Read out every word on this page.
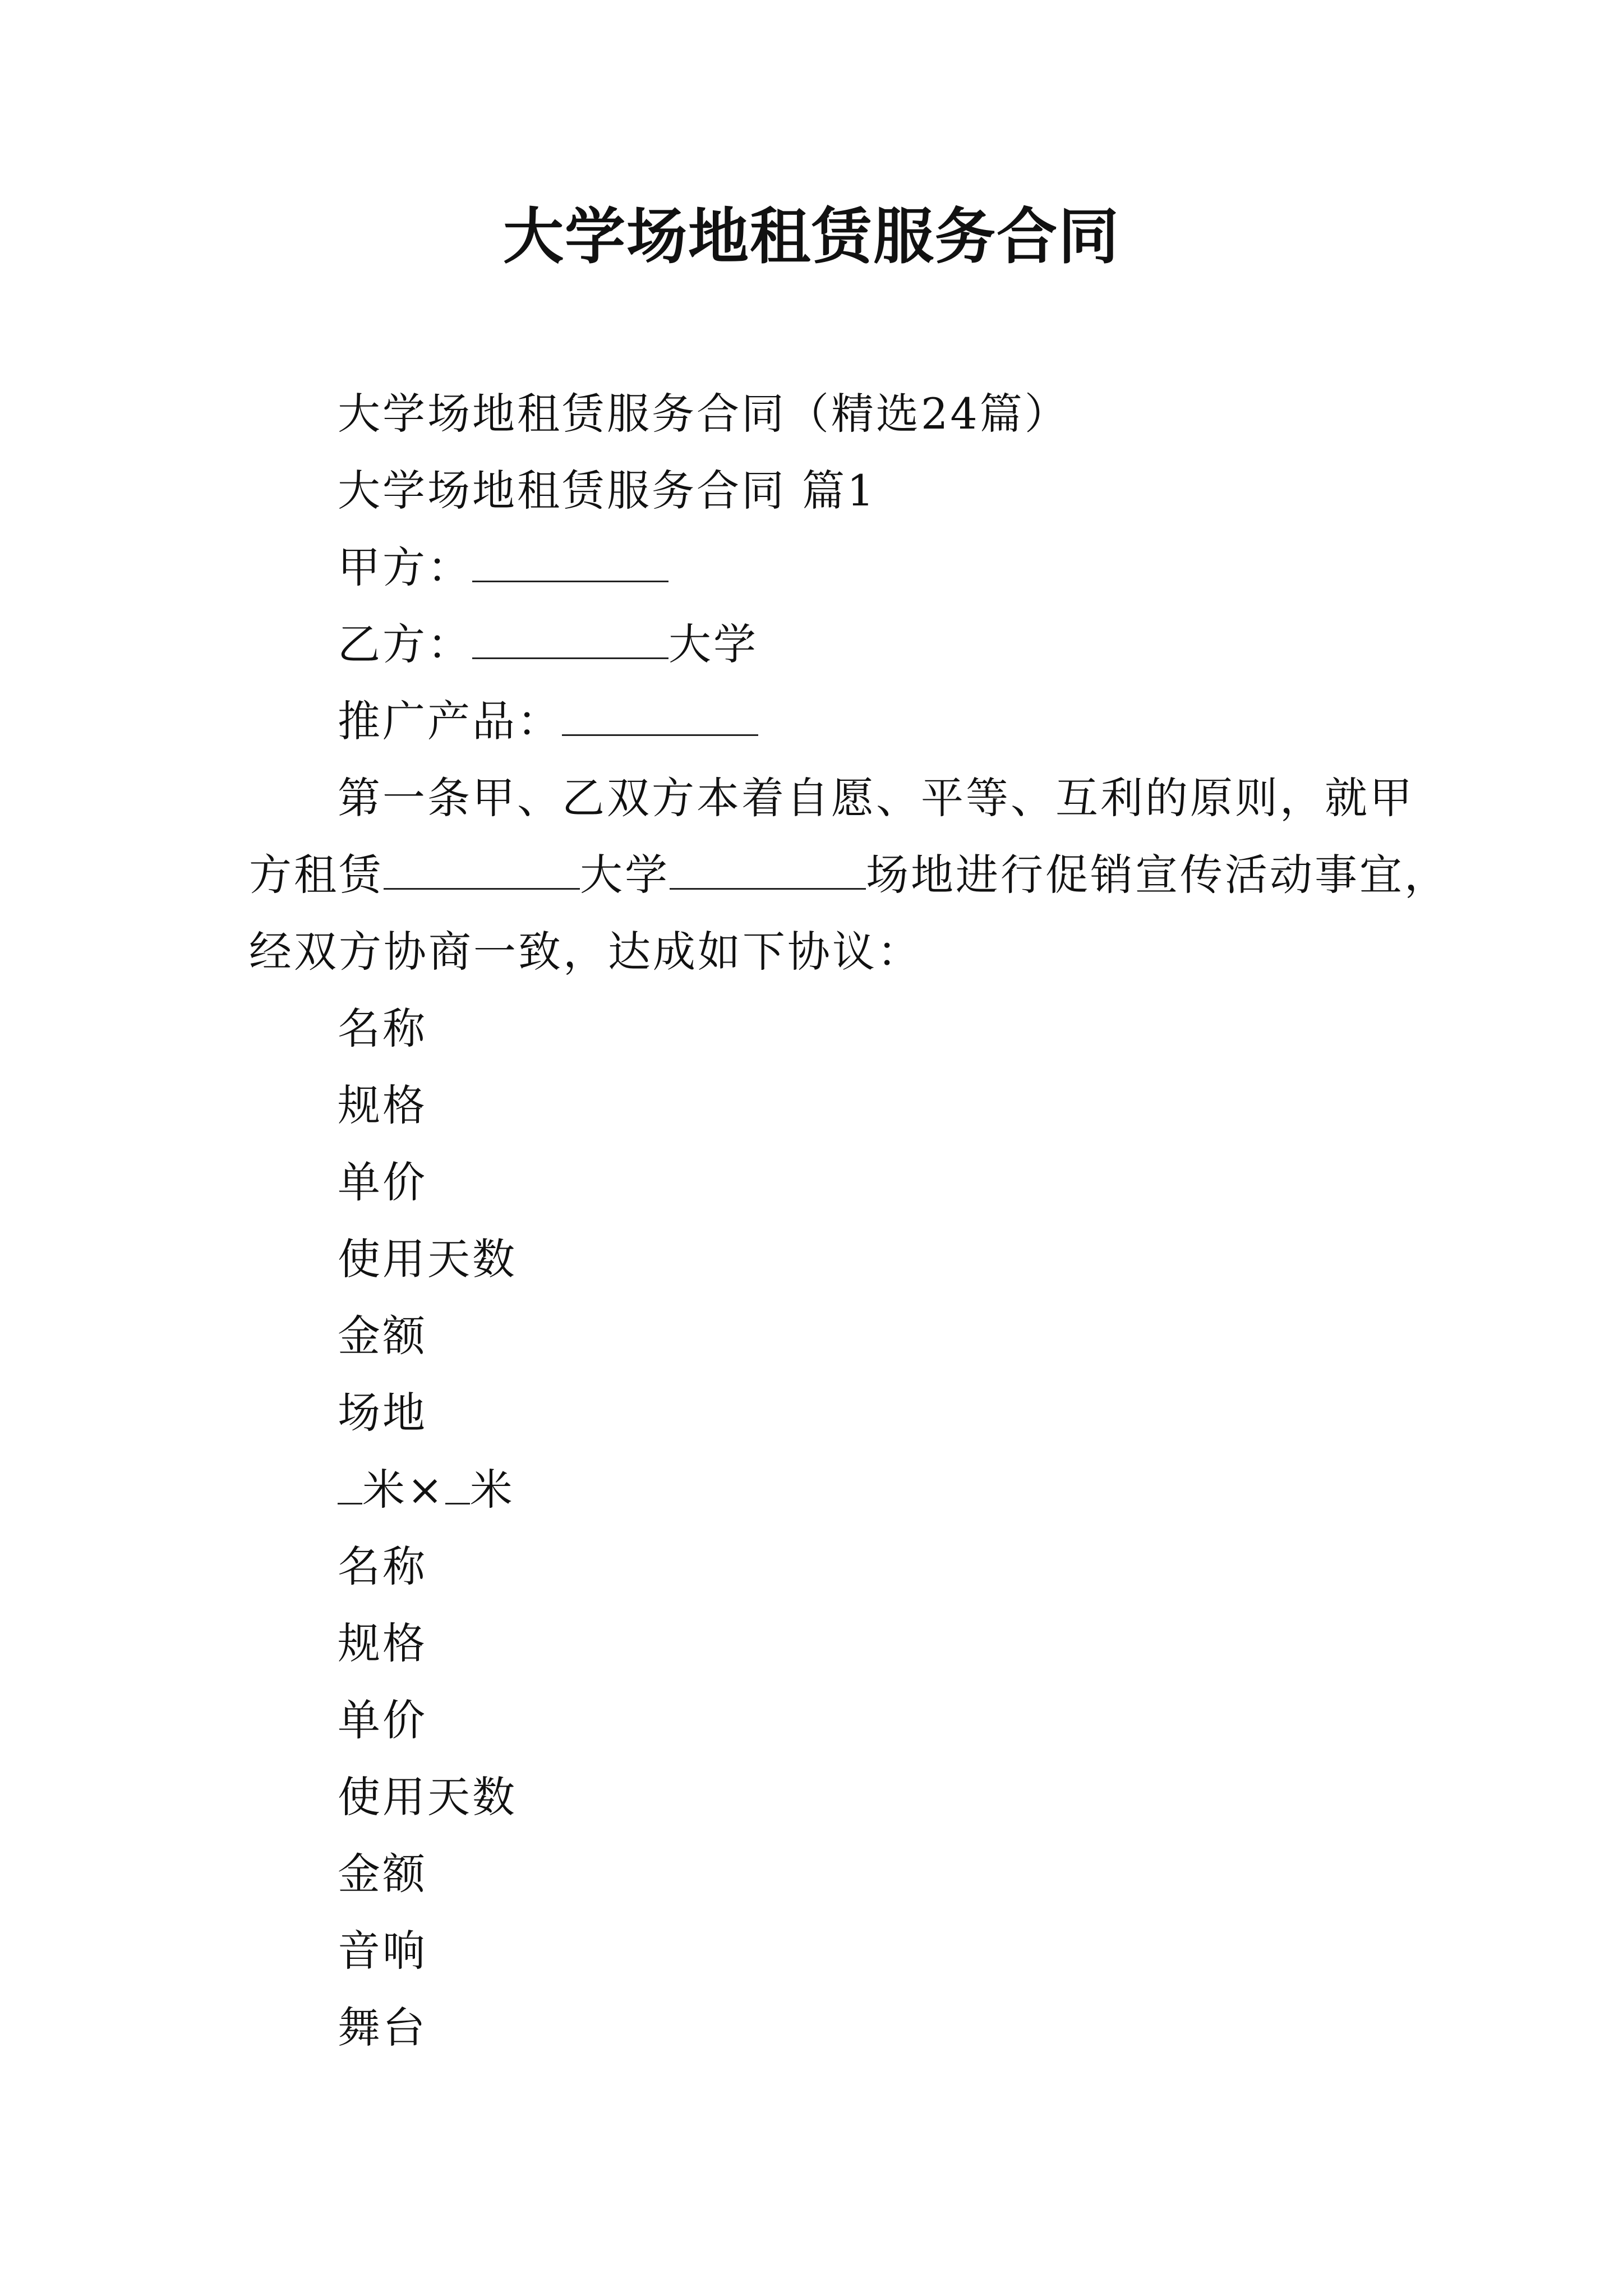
大学场地租赁服务合同
大学场地租赁服务合同（精选24篇）
大学场地租赁服务合同 篇1
甲方：
乙方：	大学
推广产品：
第一条甲、乙双方本着自愿、平等、互利的原则，就甲
方租赁	大学	场地进行促销宣传活动事宜，
经双方协商一致，达成如下协议：
名称
规格
单价
使用天数
金额
场地
米× 米
名称
规格
单价
使用天数
金额
音响
舞台
